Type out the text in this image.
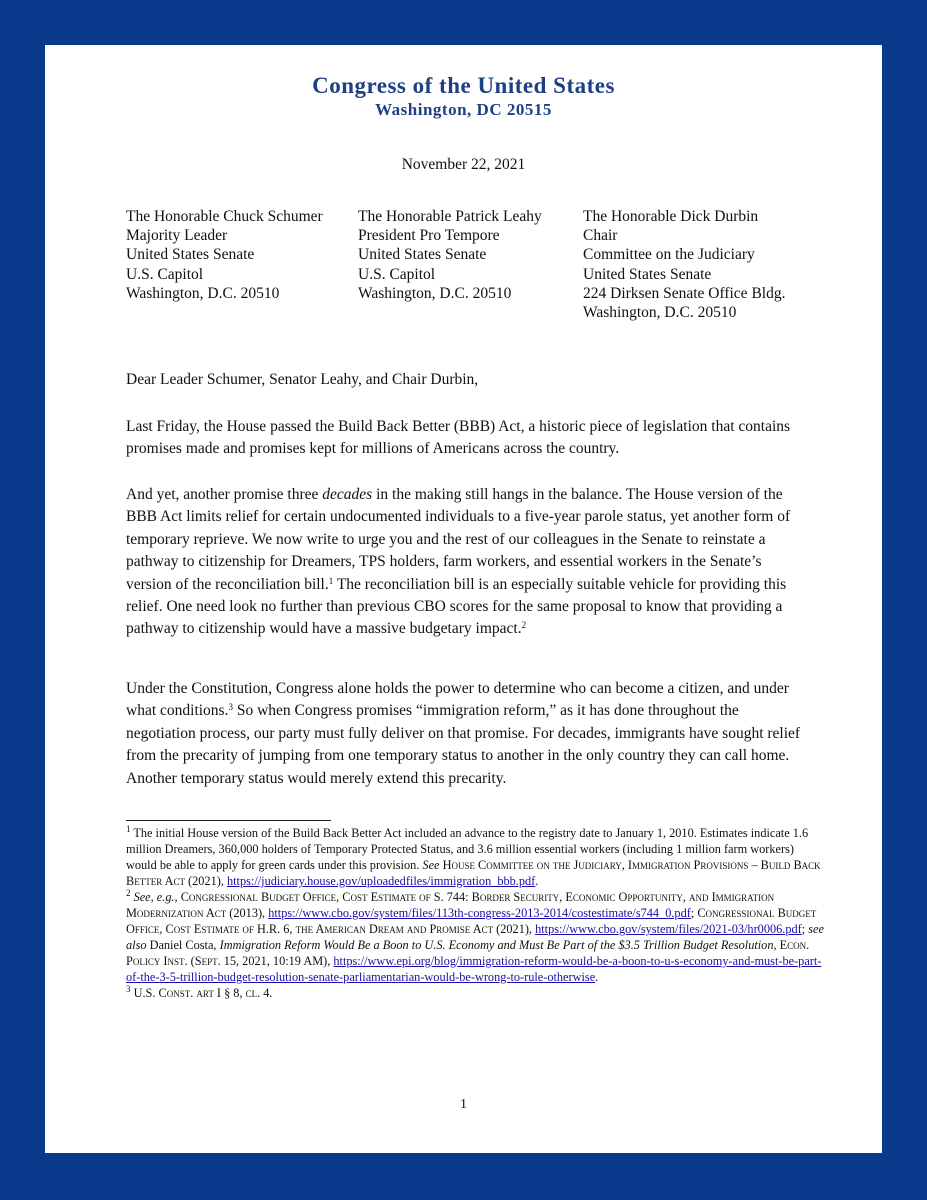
Congress of the United States
Washington, DC 20515
November 22, 2021
The Honorable Chuck Schumer
Majority Leader
United States Senate
U.S. Capitol
Washington, D.C. 20510
The Honorable Patrick Leahy
President Pro Tempore
United States Senate
U.S. Capitol
Washington, D.C. 20510
The Honorable Dick Durbin
Chair
Committee on the Judiciary
United States Senate
224 Dirksen Senate Office Bldg.
Washington, D.C. 20510
Dear Leader Schumer, Senator Leahy, and Chair Durbin,
Last Friday, the House passed the Build Back Better (BBB) Act, a historic piece of legislation that contains promises made and promises kept for millions of Americans across the country.
And yet, another promise three decades in the making still hangs in the balance. The House version of the BBB Act limits relief for certain undocumented individuals to a five-year parole status, yet another form of temporary reprieve. We now write to urge you and the rest of our colleagues in the Senate to reinstate a pathway to citizenship for Dreamers, TPS holders, farm workers, and essential workers in the Senate’s version of the reconciliation bill.$^1$ The reconciliation bill is an especially suitable vehicle for providing this relief. One need look no further than previous CBO scores for the same proposal to know that providing a pathway to citizenship would have a massive budgetary impact.$^2$
Under the Constitution, Congress alone holds the power to determine who can become a citizen, and under what conditions.$^3$ So when Congress promises “immigration reform,” as it has done throughout the negotiation process, our party must fully deliver on that promise. For decades, immigrants have sought relief from the precarity of jumping from one temporary status to another in the only country they can call home. Another temporary status would merely extend this precarity.

$^1$ The initial House version of the Build Back Better Act included an advance to the registry date to January 1, 2010. Estimates indicate 1.6 million Dreamers, 360,000 holders of Temporary Protected Status, and 3.6 million essential workers (including 1 million farm workers) would be able to apply for green cards under this provision. See House Committee on the Judiciary, Immigration Provisions – Build Back Better Act (2021), https://judiciary.house.gov/uploadedfiles/immigration_bbb.pdf.

$^2$ See, e.g., Congressional Budget Office, Cost Estimate of S. 744: Border Security, Economic Opportunity, and Immigration Modernization Act (2013), https://www.cbo.gov/system/files/113th-congress-2013-2014/costestimate/s744_0.pdf; Congressional Budget Office, Cost Estimate of H.R. 6, the American Dream and Promise Act (2021), https://www.cbo.gov/system/files/2021-03/hr0006.pdf; see also Daniel Costa, Immigration Reform Would Be a Boon to U.S. Economy and Must Be Part of the $3.5 Trillion Budget Resolution, Econ. Policy Inst. (Sept. 15, 2021, 10:19 AM), https://www.epi.org/blog/immigration-reform-would-be-a-boon-to-u-s-economy-and-must-be-part-of-the-3-5-trillion-budget-resolution-senate-parliamentarian-would-be-wrong-to-rule-otherwise.

$^3$ U.S. Const. art I § 8, cl. 4.

1
